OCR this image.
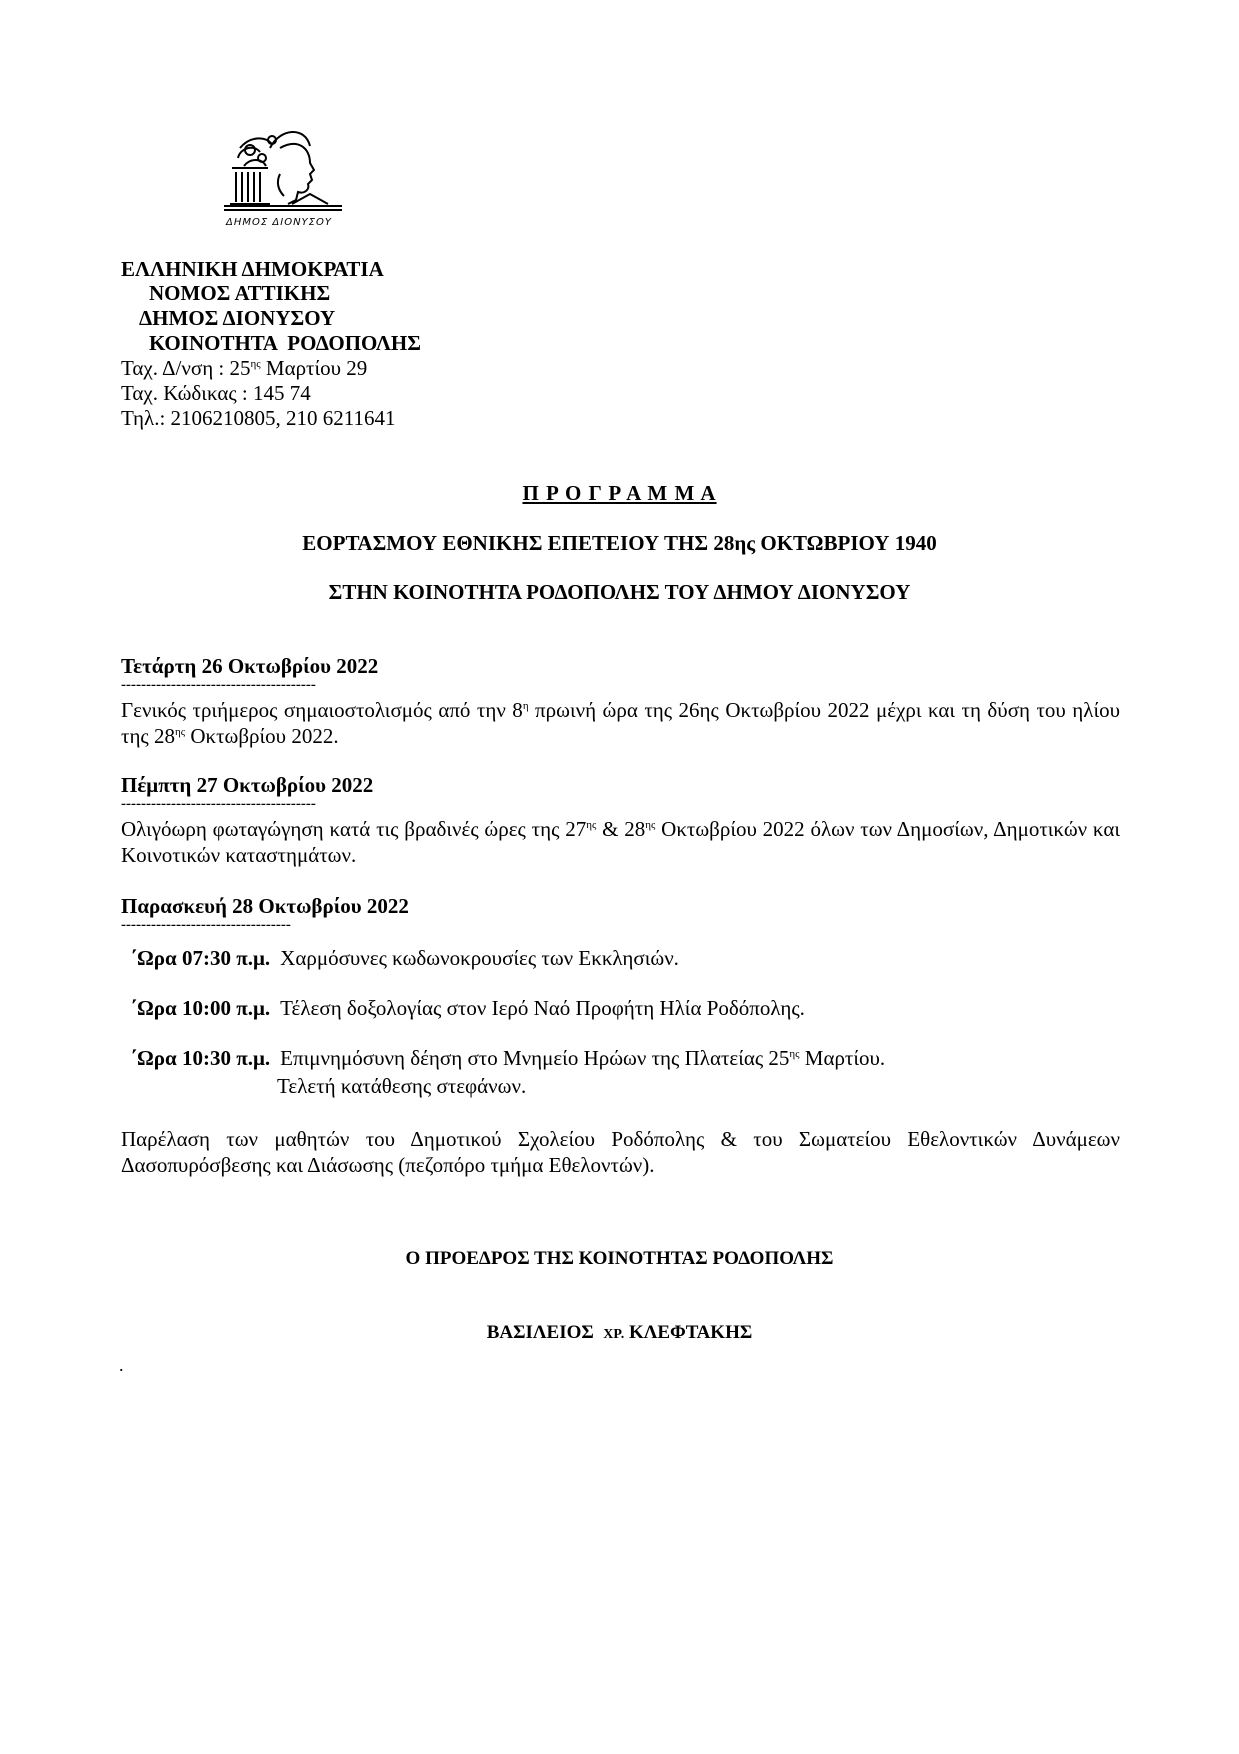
ΔΗΜΟΣ ΔΙΟΝΥΣΟΥ
ΕΛΛΗΝΙΚΗ ΔΗΜΟΚΡΑΤΙΑ
ΝΟΜΟΣ ΑΤΤΙΚΗΣ
ΔΗΜΟΣ ΔΙΟΝΥΣΟΥ
ΚΟΙΝΟΤΗΤΑ  ΡΟΔΟΠΟΛΗΣ
Ταχ. Δ/νση : $25^{\eta\varsigma}$ Μαρτίου 29
Ταχ. Κώδικας : 145 74
Τηλ.: 2106210805, 210 6211641
Π Ρ Ο Γ Ρ Α Μ Μ Α
ΕΟΡΤΑΣΜΟΥ ΕΘΝΙΚΗΣ ΕΠΕΤΕΙΟΥ ΤΗΣ 28ης ΟΚΤΩΒΡΙΟΥ 1940
ΣΤΗΝ ΚΟΙΝΟΤΗΤΑ ΡΟΔΟΠΟΛΗΣ ΤΟΥ ΔΗΜΟΥ ΔΙΟΝΥΣΟΥ
Τετάρτη 26 Οκτωβρίου 2022
---------------------------------------
Γενικός τριήμερος σημαιοστολισμός από την $8^\eta$ πρωινή ώρα της 26ης Οκτωβρίου 2022 μέχρι και τη δύση του ηλίου της $28^{\eta\varsigma}$ Οκτωβρίου 2022.
Πέμπτη 27 Οκτωβρίου 2022
---------------------------------------
Ολιγόωρη φωταγώγηση κατά τις βραδινές ώρες της $27^{\eta\varsigma}$ & $28^{\eta\varsigma}$ Οκτωβρίου 2022 όλων των Δημοσίων, Δημοτικών και Κοινοτικών καταστημάτων.
Παρασκευή 28 Οκτωβρίου 2022
----------------------------------
΄Ωρα 07:30 π.μ. Χαρμόσυνες κωδωνοκρουσίες των Εκκλησιών.
΄Ωρα 10:00 π.μ. Τέλεση δοξολογίας στον Ιερό Ναό Προφήτη Ηλία Ροδόπολης.
΄Ωρα 10:30 π.μ. Επιμνημόσυνη δέηση στο Μνημείο Ηρώων της Πλατείας $25^{\eta\varsigma}$ Μαρτίου.
Τελετή κατάθεσης στεφάνων.
Παρέλαση των μαθητών του Δημοτικού Σχολείου Ροδόπολης & του Σωματείου Εθελοντικών Δυνάμεων Δασοπυρόσβεσης και Διάσωσης (πεζοπόρο τμήμα Εθελοντών).
Ο ΠΡΟΕΔΡΟΣ ΤΗΣ ΚΟΙΝΟΤΗΤΑΣ ΡΟΔΟΠΟΛΗΣ
ΒΑΣΙΛΕΙΟΣ ΧΡ. ΚΛΕΦΤΑΚΗΣ
.
